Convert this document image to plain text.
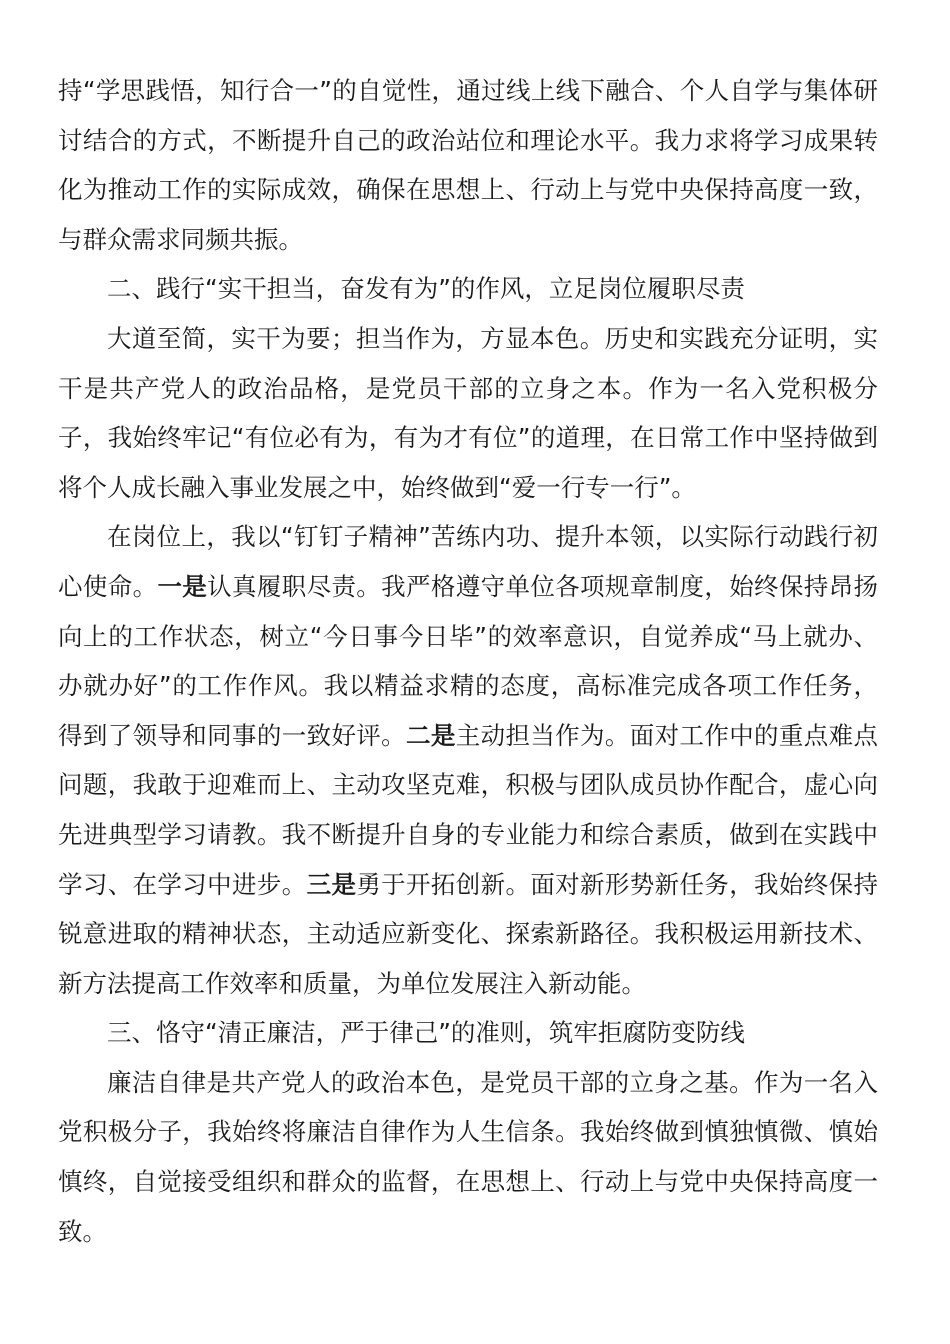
持“学思践悟，知行合一”的自觉性，通过线上线下融合、个人自学与集体研讨结合的方式，不断提升自己的政治站位和理论水平。我力求将学习成果转化为推动工作的实际成效，确保在思想上、行动上与党中央保持高度一致，与群众需求同频共振。

二、践行“实干担当，奋发有为”的作风，立足岗位履职尽责

大道至简，实干为要；担当作为，方显本色。历史和实践充分证明，实干是共产党人的政治品格，是党员干部的立身之本。作为一名入党积极分子，我始终牢记“有位必有为，有为才有位”的道理，在日常工作中坚持做到将个人成长融入事业发展之中，始终做到“爱一行专一行”。

在岗位上，我以“钉钉子精神”苦练内功、提升本领，以实际行动践行初心使命。一是认真履职尽责。我严格遵守单位各项规章制度，始终保持昂扬向上的工作状态，树立“今日事今日毕”的效率意识，自觉养成“马上就办、办就办好”的工作作风。我以精益求精的态度，高标准完成各项工作任务，得到了领导和同事的一致好评。二是主动担当作为。面对工作中的重点难点问题，我敢于迎难而上、主动攻坚克难，积极与团队成员协作配合，虚心向先进典型学习请教。我不断提升自身的专业能力和综合素质，做到在实践中学习、在学习中进步。三是勇于开拓创新。面对新形势新任务，我始终保持锐意进取的精神状态，主动适应新变化、探索新路径。我积极运用新技术、新方法提高工作效率和质量，为单位发展注入新动能。

三、恪守“清正廉洁，严于律己”的准则，筑牢拒腐防变防线

廉洁自律是共产党人的政治本色，是党员干部的立身之基。作为一名入党积极分子，我始终将廉洁自律作为人生信条。我始终做到慎独慎微、慎始慎终，自觉接受组织和群众的监督，在思想上、行动上与党中央保持高度一致。
